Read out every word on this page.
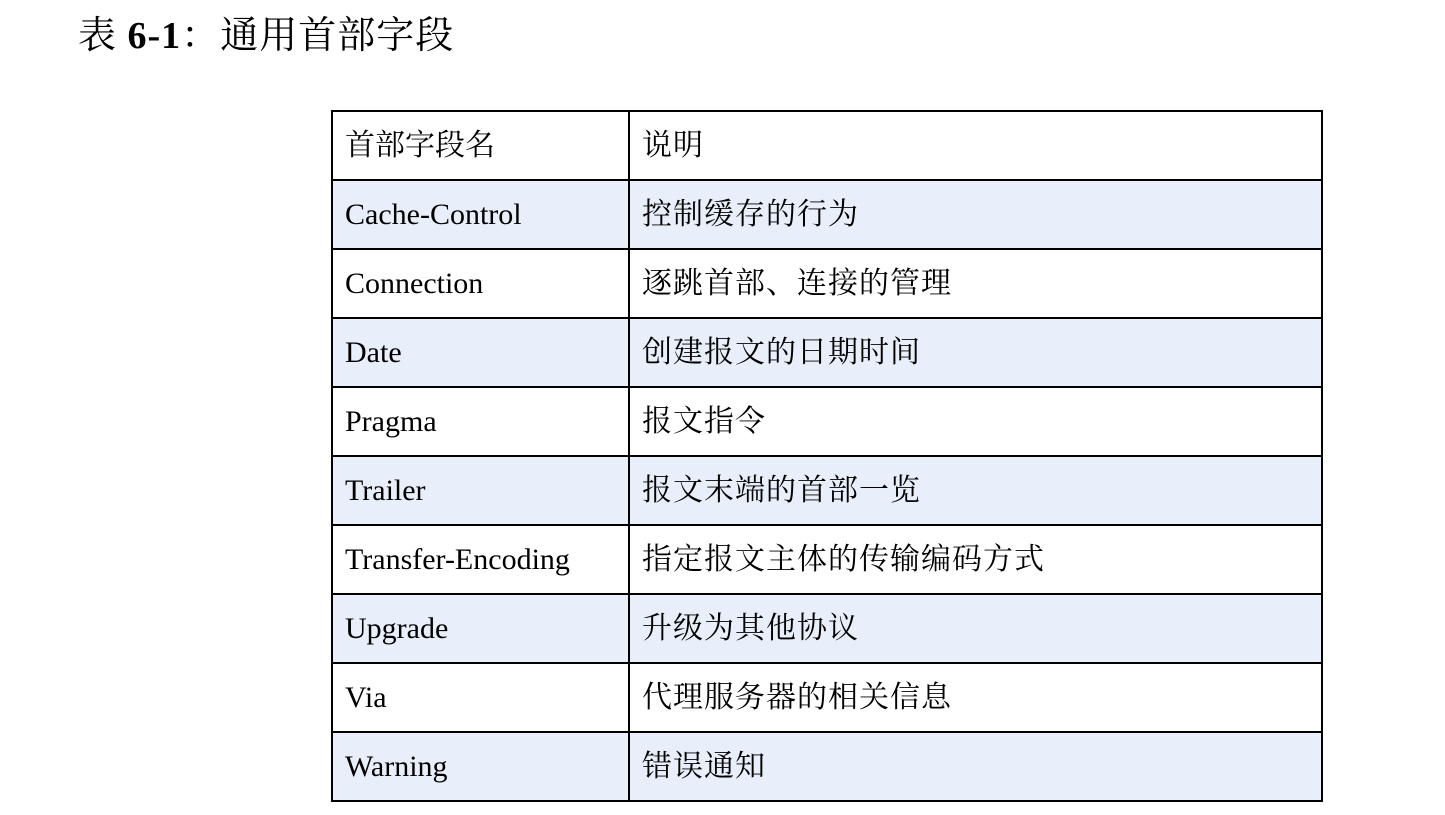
表 6-1：通用首部字段
首部字段名	说明
Cache-Control	控制缓存的行为
Connection	逐跳首部、连接的管理
Date	创建报文的日期时间
Pragma	报文指令
Trailer	报文末端的首部一览
Transfer-Encoding	指定报文主体的传输编码方式
Upgrade	升级为其他协议
Via	代理服务器的相关信息
Warning	错误通知
